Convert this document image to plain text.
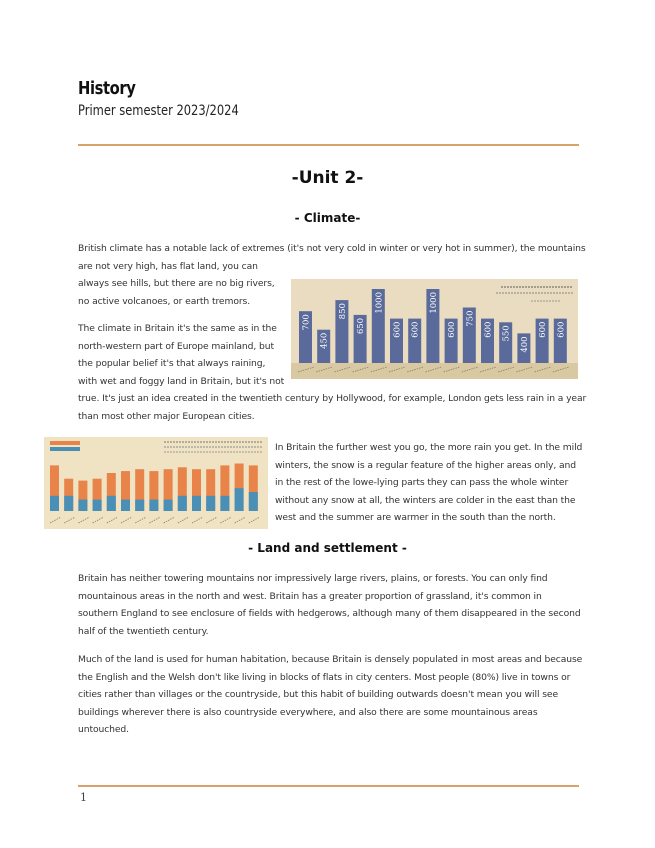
History
Primer semester 2023/2024
-Unit 2-
- Climate-
British climate has a notable lack of extremes (it's not very cold in winter or very hot in summer), the mountains
are not very high, has flat land, you can
always see hills, but there are no big rivers,
no active volcanoes, or earth tremors.
The climate in Britain it's the same as in the
north-western part of Europe mainland, but
the popular belief it's that always raining,
with wet and foggy land in Britain, but it's not
true. It's just an idea created in the twentieth century by Hollywood, for example, London gets less rain in a year
than most other major European cities.
700
450
850
650
1000
600 600
1000
600
750
600 550
400
600 600
In Britain the further west you go, the more rain you get. In the mild
winters, the snow is a regular feature of the higher areas only, and
in the rest of the lowe-lying parts they can pass the whole winter
without any snow at all, the winters are colder in the east than the
west and the summer are warmer in the south than the north.
- Land and settlement -
Britain has neither towering mountains nor impressively large rivers, plains, or forests. You can only find
mountainous areas in the north and west. Britain has a greater proportion of grassland, it's common in
southern England to see enclosure of fields with hedgerows, although many of them disappeared in the second
half of the twentieth century.
Much of the land is used for human habitation, because Britain is densely populated in most areas and because
the English and the Welsh don't like living in blocks of flats in city centers. Most people (80%) live in towns or
cities rather than villages or the countryside, but this habit of building outwards doesn't mean you will see
buildings wherever there is also countryside everywhere, and also there are some mountainous areas
untouched.
1
